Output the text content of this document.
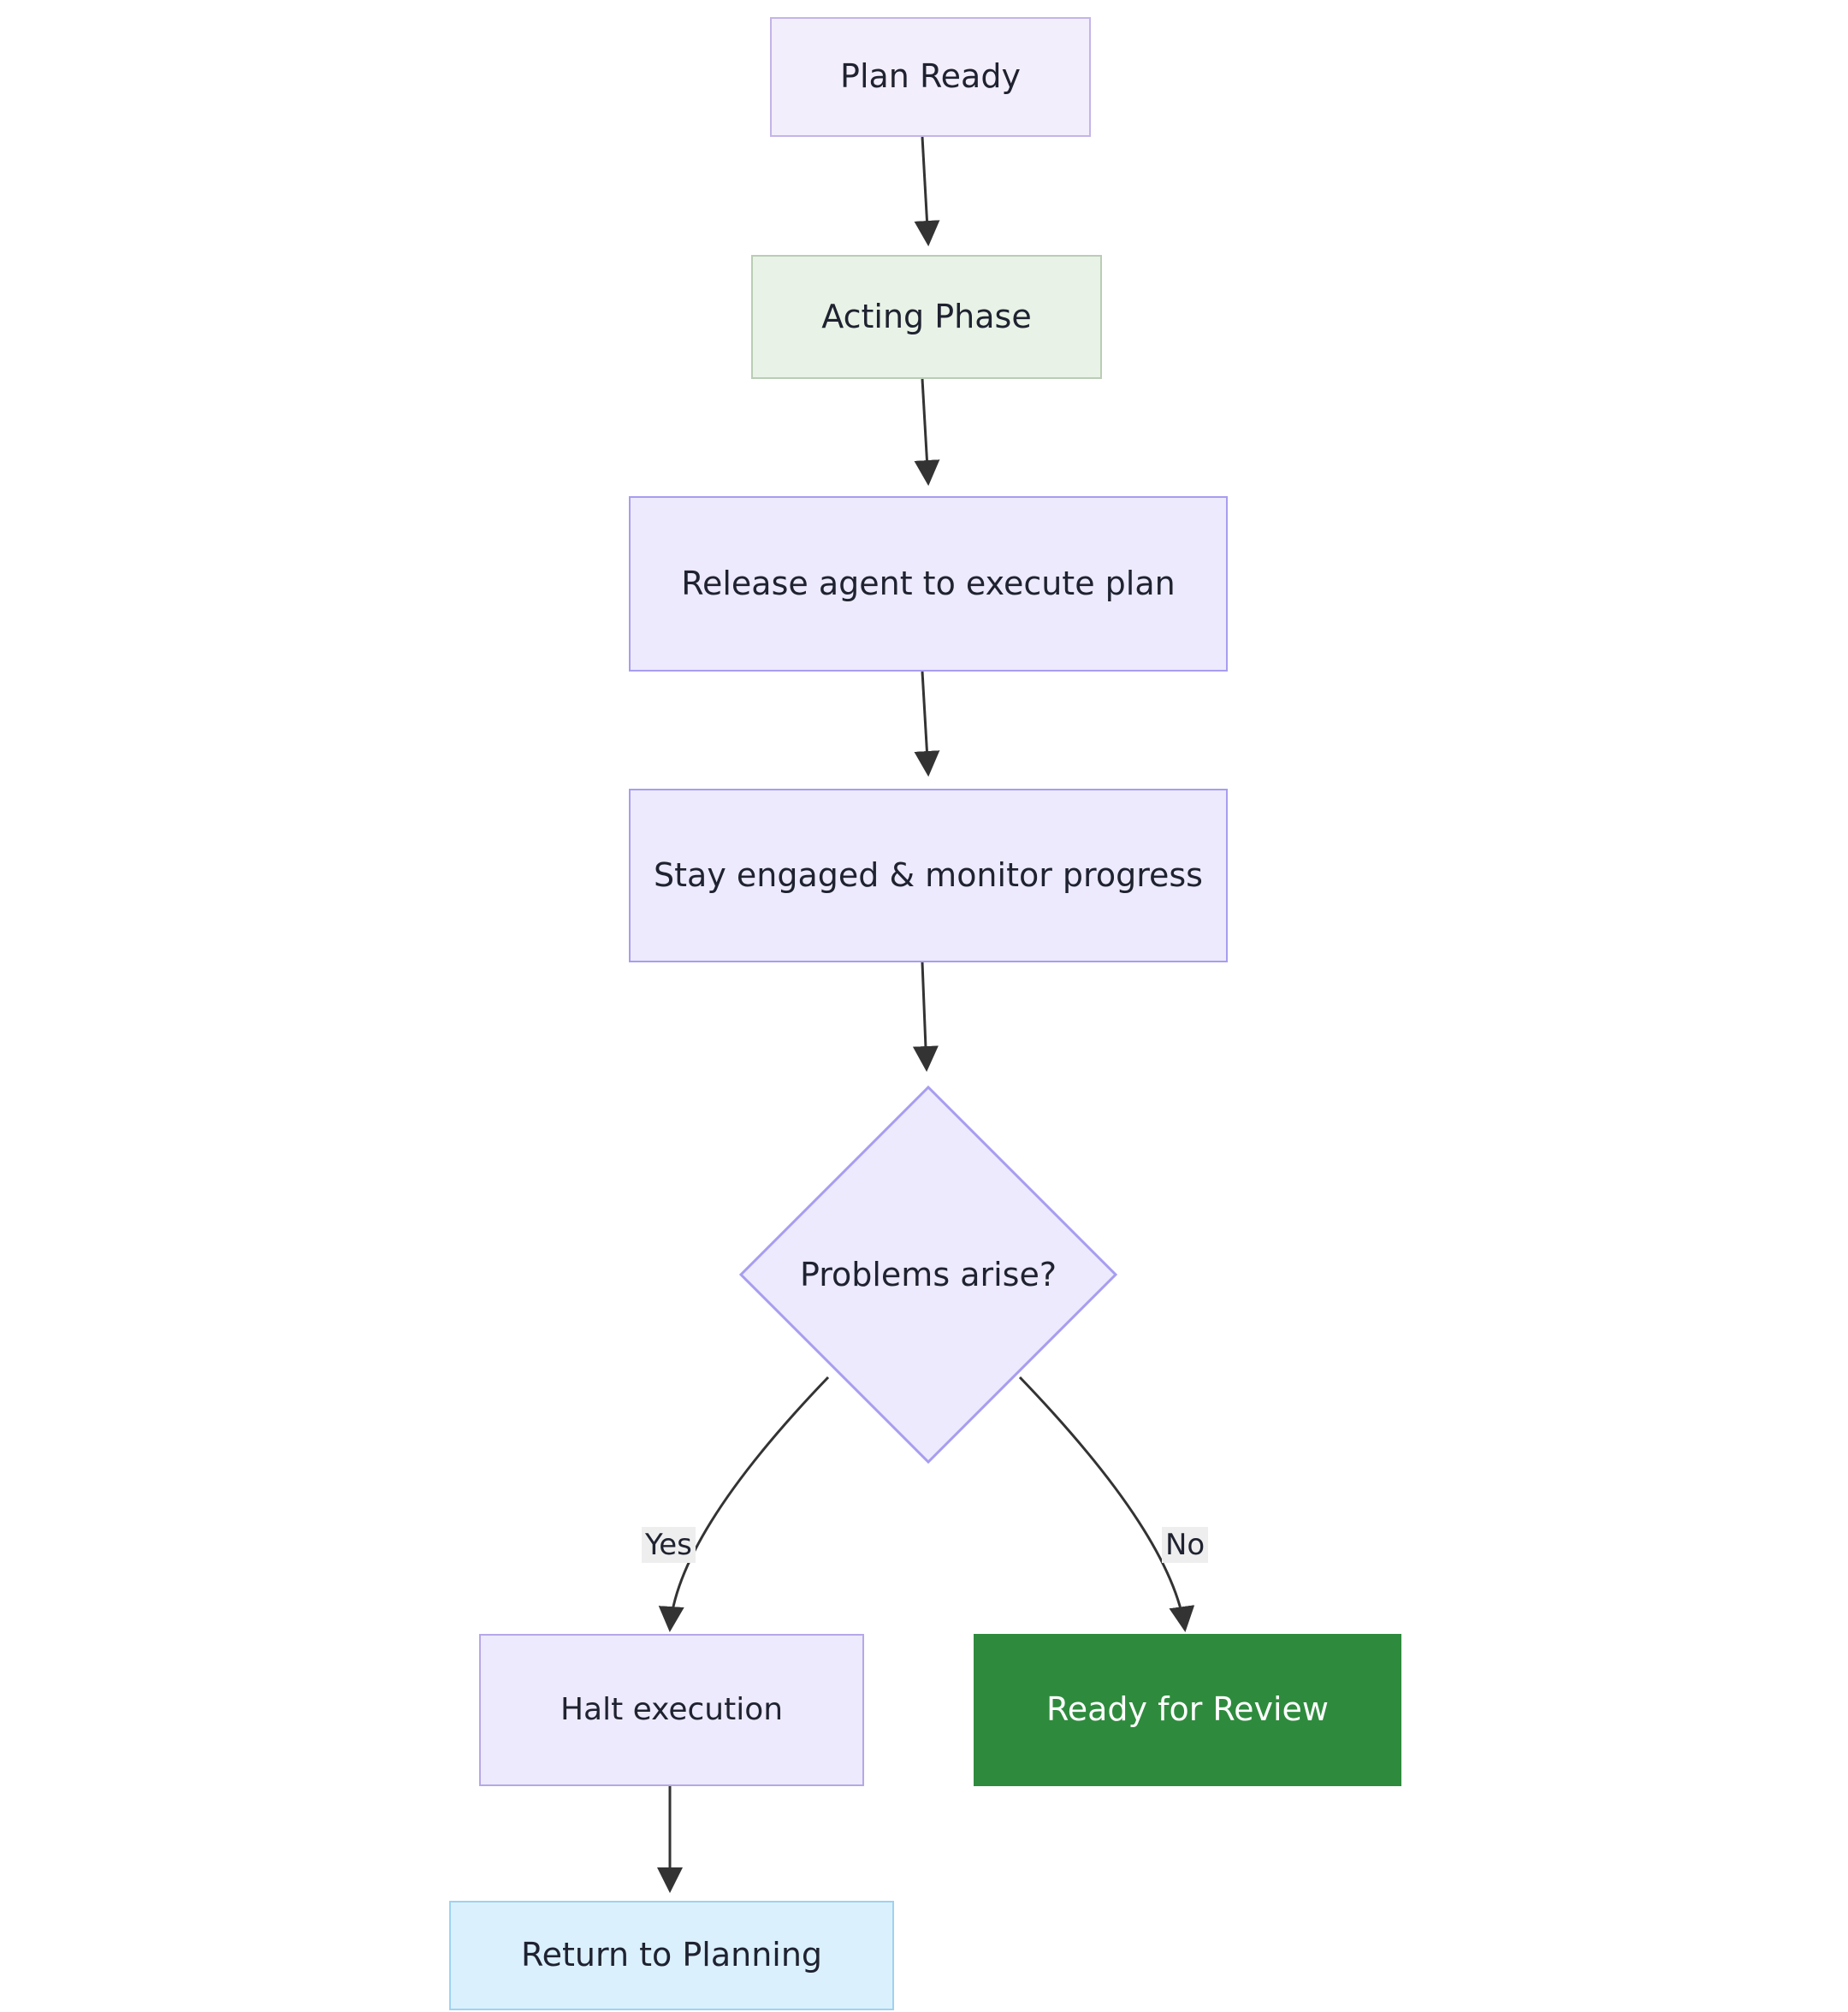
Plan Ready
Acting Phase
Release agent to execute plan
Stay engaged & monitor progress
Problems arise?
Yes	No
Halt execution	Ready for Review
Return to Planning
